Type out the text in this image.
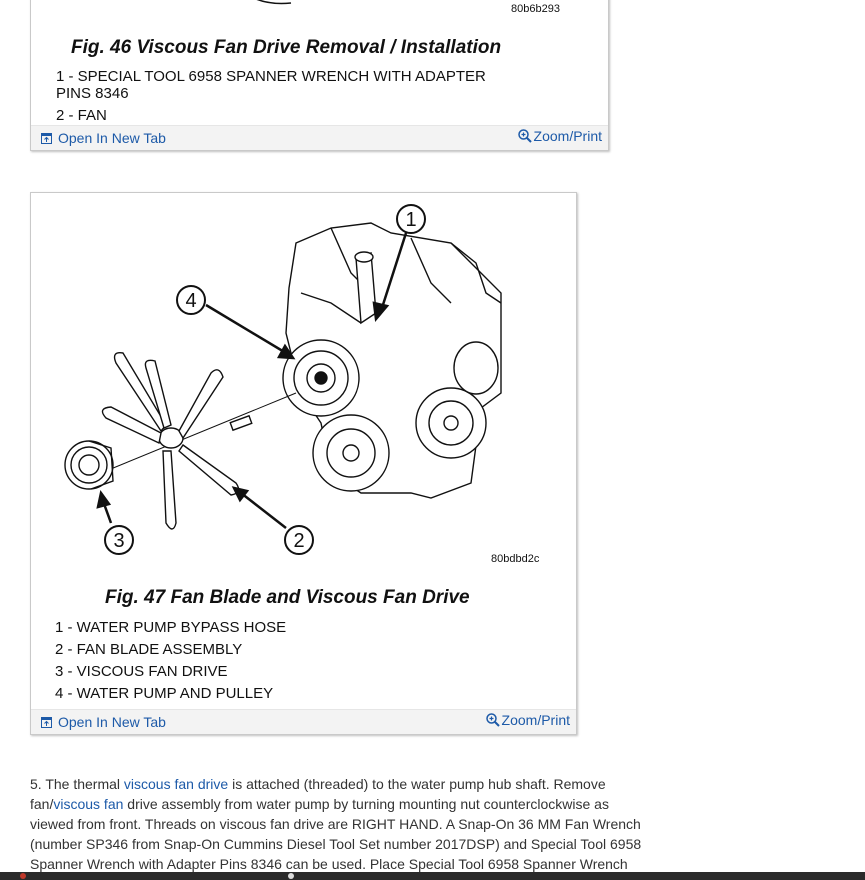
80b6b293
Fig. 46 Viscous Fan Drive Removal / Installation
1 - SPECIAL TOOL 6958 SPANNER WRENCH WITH ADAPTER
PINS 8346
2 - FAN
Open In New Tab	Zoom/Print
1
4
2
3
80bdbd2c
Fig. 47 Fan Blade and Viscous Fan Drive
1 - WATER PUMP BYPASS HOSE
2 - FAN BLADE ASSEMBLY
3 - VISCOUS FAN DRIVE
4 - WATER PUMP AND PULLEY
Open In New Tab	Zoom/Print
5. The thermal viscous fan drive is attached (threaded) to the water pump hub shaft. Remove fan/viscous fan drive assembly from water pump by turning mounting nut counterclockwise as viewed from front. Threads on viscous fan drive are RIGHT HAND. A Snap-On 36 MM Fan Wrench (number SP346 from Snap-On Cummins Diesel Tool Set number 2017DSP) and Special Tool 6958 Spanner Wrench with Adapter Pins 8346 can be used. Place Special Tool 6958 Spanner Wrench
